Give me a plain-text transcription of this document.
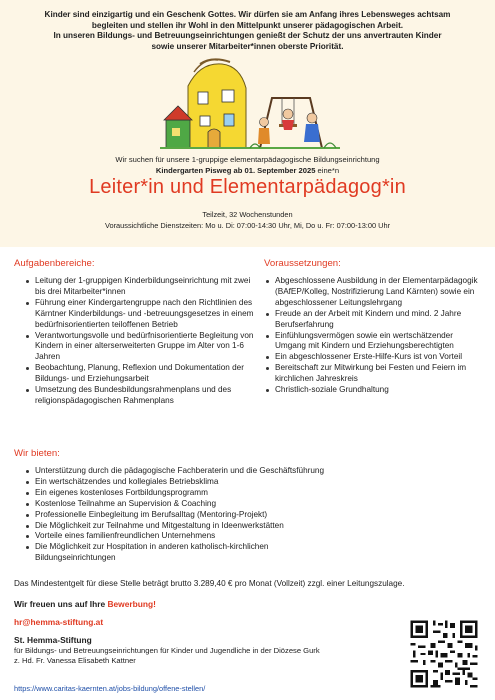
Kinder sind einzigartig und ein Geschenk Gottes. Wir dürfen sie am Anfang ihres Lebensweges achtsam
begleiten und stellen ihr Wohl in den Mittelpunkt unserer pädagogischen Arbeit.
In unseren Bildungs- und Betreuungseinrichtungen genießt der Schutz der uns anvertrauten Kinder
sowie unserer Mitarbeiter*innen oberste Priorität.
Wir suchen für unsere 1-gruppige elementarpädagogische Bildungseinrichtung
Kindergarten Pisweg ab 01. September 2025 eine*n
Leiter*in und Elementarpädagog*in
Teilzeit, 32 Wochenstunden
Voraussichtliche Dienstzeiten: Mo u. Di: 07:00-14:30 Uhr, Mi, Do u. Fr: 07:00-13:00 Uhr
Aufgabenbereiche:
Leitung der 1-gruppigen Kinderbildungseinrichtung mit zwei bis drei Mitarbeiter*innen
Führung einer Kindergartengruppe nach den Richtlinien des Kärntner Kinderbildungs- und -betreuungsgesetzes in einem bedürfnisorientierten teiloffenen Betrieb
Verantwortungsvolle und bedürfnisorientierte Begleitung von Kindern in einer alterserweiterten Gruppe im Alter von 1-6 Jahren
Beobachtung, Planung, Reflexion und Dokumentation der Bildungs- und Erziehungsarbeit
Umsetzung des Bundesbildungsrahmenplans und des religionspädagogischen Rahmenplans
Voraussetzungen:
Abgeschlossene Ausbildung in der Elementarpädagogik (BAfEP/Kolleg, Nostrifizierung Land Kärnten) sowie ein abgeschlossener Leitungslehrgang
Freude an der Arbeit mit Kindern und mind. 2 Jahre Berufserfahrung
Einfühlungsvermögen sowie ein wertschätzender Umgang mit Kindern und Erziehungsberechtigten
Ein abgeschlossener Erste-Hilfe-Kurs ist von Vorteil
Bereitschaft zur Mitwirkung bei Festen und Feiern im kirchlichen Jahreskreis
Christlich-soziale Grundhaltung
Wir bieten:
Unterstützung durch die pädagogische Fachberaterin und die Geschäftsführung
Ein wertschätzendes und kollegiales Betriebsklima
Ein eigenes kostenloses Fortbildungsprogramm
Kostenlose Teilnahme an Supervision & Coaching
Professionelle Einbegleitung im Berufsalltag (Mentoring-Projekt)
Die Möglichkeit zur Teilnahme und Mitgestaltung in Ideenwerkstätten
Vorteile eines familienfreundlichen Unternehmens
Die Möglichkeit zur Hospitation in anderen katholisch-kirchlichen Bildungseinrichtungen
Das Mindestentgelt für diese Stelle beträgt brutto 3.289,40 € pro Monat (Vollzeit) zzgl. einer Leitungszulage.
Wir freuen uns auf Ihre Bewerbung!
hr@hemma-stiftung.at
St. Hemma-Stiftung
für Bildungs- und Betreuungseinrichtungen für Kinder und Jugendliche in der Diözese Gurk
z. Hd. Fr. Vanessa Elisabeth Kattner
https://www.caritas-kaernten.at/jobs-bildung/offene-stellen/
